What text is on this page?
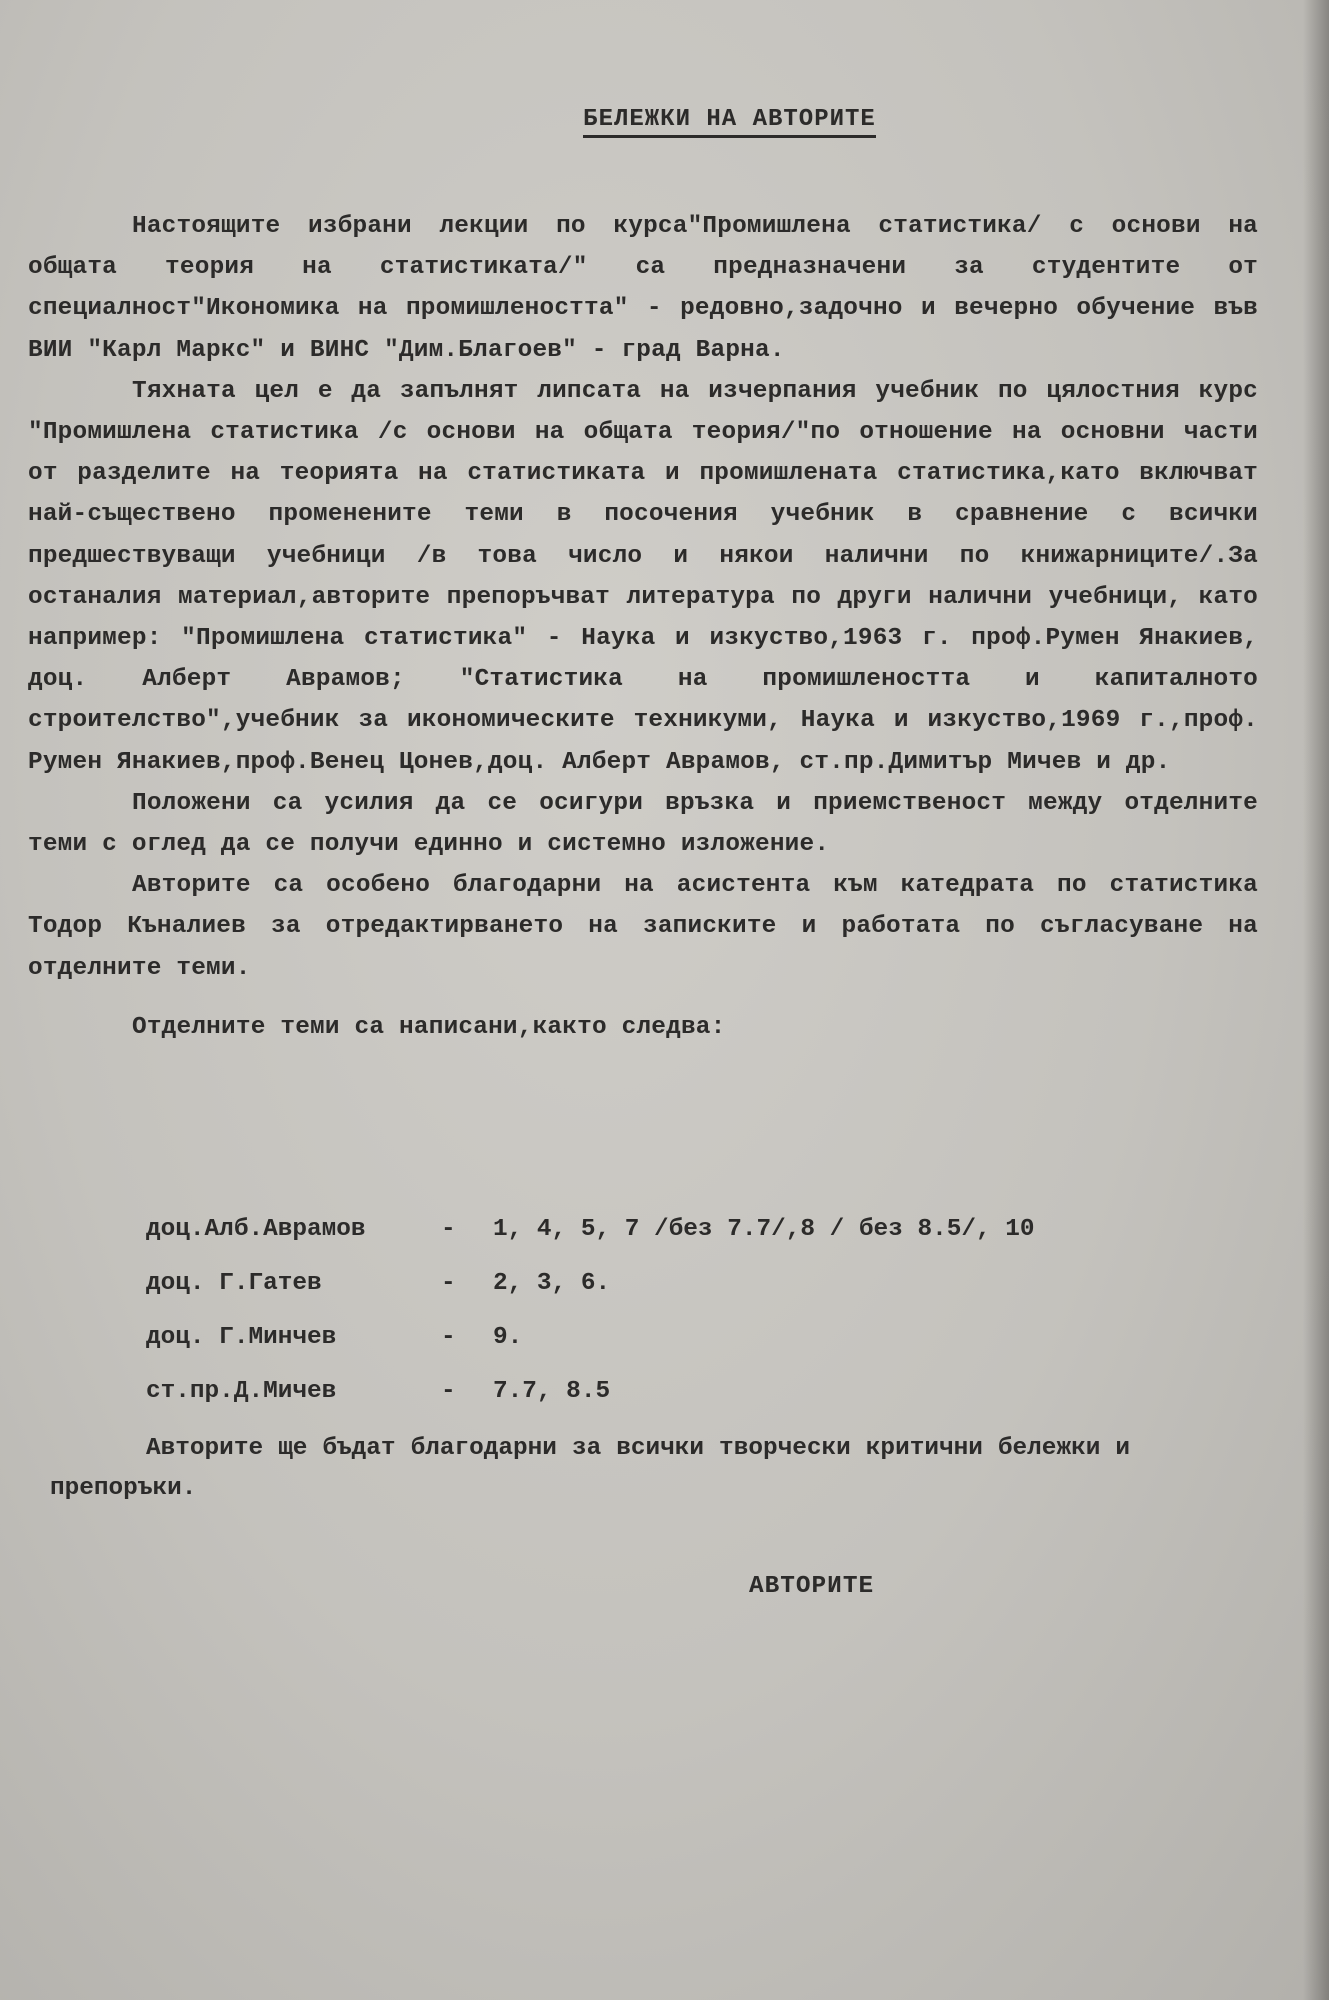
БЕЛЕЖКИ НА АВТОРИТЕ

Настоящите избрани лекции по курса"Промишлена статистика/ с основи на общата теория на статистиката/" са предназначени за студентите от специалност"Икономика на промишлеността" - редовно,задочно и вечерно обучение във ВИИ "Карл Маркс" и ВИНС "Дим.Благоев" - град Варна.

Тяхната цел е да запълнят липсата на изчерпания учебник по цялостния курс "Промишлена статистика /с основи на общата теория/"по отношение на основни части от разделите на теорията на статистиката и промишлената статистика,като включват най-съществено променените теми в посочения учебник в сравнение с всички предшествуващи учебници /в това число и някои налични по книжарниците/.За останалия материал,авторите препоръчват литература по други налични учебници, като например: "Промишлена статистика" - Наука и изкуство,1963 г. проф.Румен Янакиев, доц. Алберт Аврамов; "Статистика на промишлеността и капиталното строителство",учебник за икономическите техникуми, Наука и изкуство,1969 г.,проф. Румен Янакиев,проф.Венец Цонев,доц. Алберт Аврамов, ст.пр.Димитър Мичев и др.

Положени са усилия да се осигури връзка и приемственост между отделните теми с оглед да се получи единно и системно изложение.

Авторите са особено благодарни на асистента към катедрата по статистика Тодор Къналиев за отредактирването на записките и работата по съгласуване на отделните теми.

Отделните теми са написани,както следва:

доц.Алб.Аврамов	- 1, 4, 5, 7 /без 7.7/,8 / без 8.5/, 10
доц. Г.Гатев	- 2, 3, 6.
доц. Г.Минчев	- 9.
ст.пр.Д.Мичев	- 7.7, 8.5
Авторите ще бъдат благодарни за всички творчески критични бележки и препоръки.
АВТОРИТЕ
